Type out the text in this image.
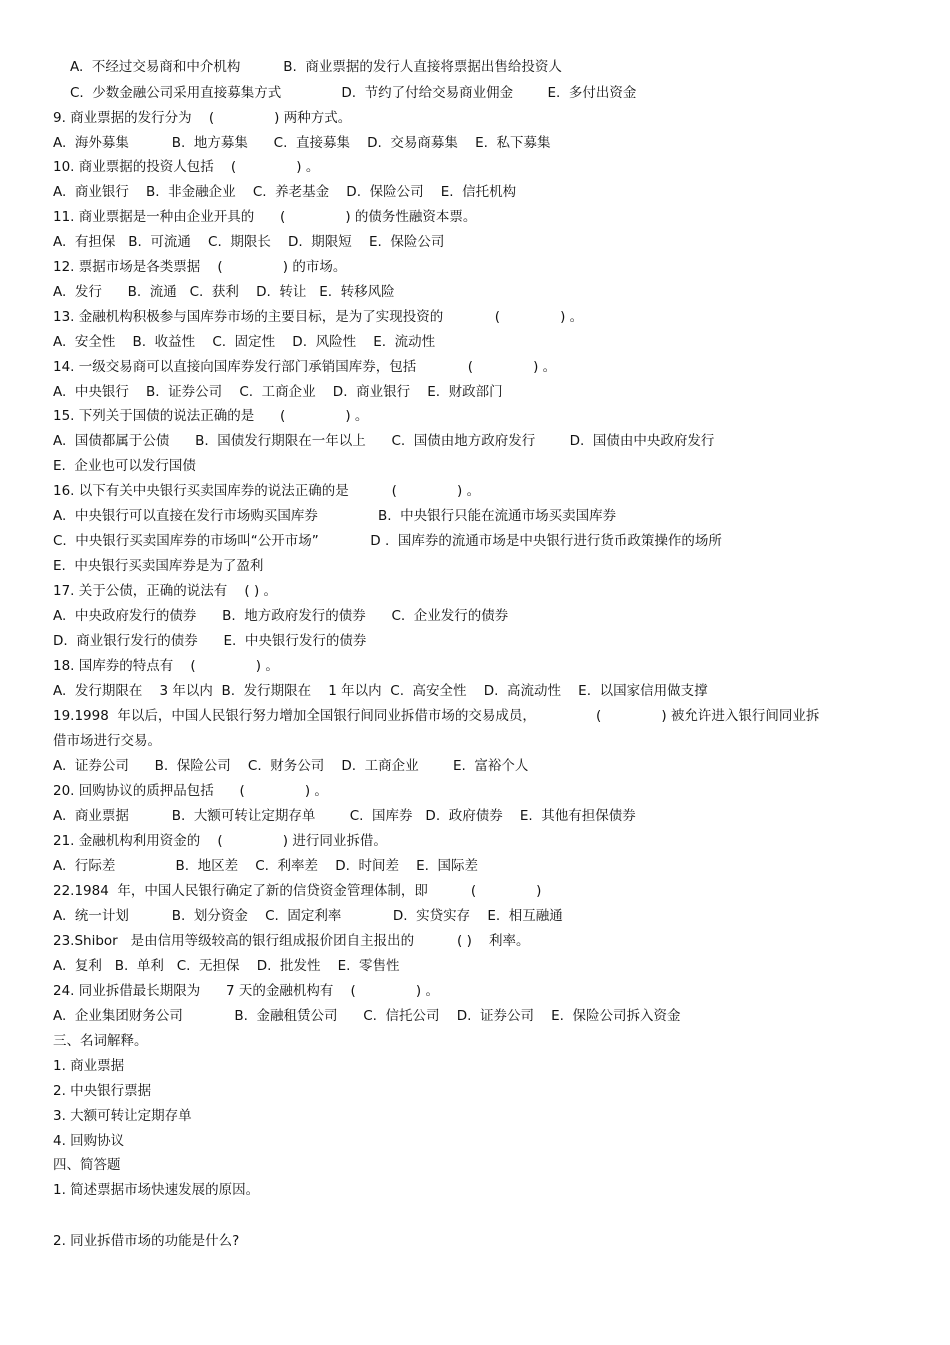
A.  不经过交易商和中介机构          B.  商业票据的发行人直接将票据出售给投资人
C.  少数金融公司采用直接募集方式              D.  节约了付给交易商业佣金        E.  多付出资金
9. 商业票据的发行分为    (              ) 两种方式。
A.  海外募集          B.  地方募集      C.  直接募集    D.  交易商募集    E.  私下募集
10. 商业票据的投资人包括    (              ) 。
A.  商业银行    B.  非金融企业    C.  养老基金    D.  保险公司    E.  信托机构
11. 商业票据是一种由企业开具的      (              ) 的债务性融资本票。
A.  有担保   B.  可流通    C.  期限长    D.  期限短    E.  保险公司
12. 票据市场是各类票据    (              ) 的市场。
A.  发行      B.  流通   C.  获利    D.  转让   E.  转移风险
13. 金融机构积极参与国库券市场的主要目标，是为了实现投资的            (              ) 。
A.  安全性    B.  收益性    C.  固定性    D.  风险性    E.  流动性
14. 一级交易商可以直接向国库券发行部门承销国库券，包括            (              ) 。
A.  中央银行    B.  证券公司    C.  工商企业    D.  商业银行    E.  财政部门
15. 下列关于国债的说法正确的是      (              ) 。
A.  国债都属于公债      B.  国债发行期限在一年以上      C.  国债由地方政府发行        D.  国债由中央政府发行
E.  企业也可以发行国债
16. 以下有关中央银行买卖国库券的说法正确的是          (              ) 。
A.  中央银行可以直接在发行市场购买国库券              B.  中央银行只能在流通市场买卖国库券
C.  中央银行买卖国库券的市场叫“公开市场”            D .  国库券的流通市场是中央银行进行货币政策操作的场所
E.  中央银行买卖国库券是为了盈利
17. 关于公债，正确的说法有    ( ) 。
A.  中央政府发行的债券      B.  地方政府发行的债券      C.  企业发行的债券
D.  商业银行发行的债券      E.  中央银行发行的债券
18. 国库券的特点有    (              ) 。
A.  发行期限在    3 年以内  B.  发行期限在    1 年以内  C.  高安全性    D.  高流动性    E.  以国家信用做支撑
19.1998  年以后，中国人民银行努力增加全国银行间同业拆借市场的交易成员，              (              ) 被允许进入银行间同业拆
借市场进行交易。
A.  证券公司      B.  保险公司    C.  财务公司    D.  工商企业        E.  富裕个人
20. 回购协议的质押品包括      (              ) 。
A.  商业票据          B.  大额可转让定期存单        C.  国库券   D.  政府债券    E.  其他有担保债券
21. 金融机构利用资金的    (              ) 进行同业拆借。
A.  行际差              B.  地区差    C.  利率差    D.  时间差    E.  国际差
22.1984  年，中国人民银行确定了新的信贷资金管理体制，即          (              )
A.  统一计划          B.  划分资金    C.  固定利率            D.  实贷实存    E.  相互融通
23.Shibor   是由信用等级较高的银行组成报价团自主报出的          ( )    利率。
A.  复利   B.  单利   C.  无担保    D.  批发性    E.  零售性
24. 同业拆借最长期限为      7 天的金融机构有    (              ) 。
A.  企业集团财务公司            B.  金融租赁公司      C.  信托公司    D.  证券公司    E.  保险公司拆入资金
三、名词解释。
1. 商业票据
2. 中央银行票据
3. 大额可转让定期存单
4. 回购协议
四、简答题
1. 简述票据市场快速发展的原因。
2. 同业拆借市场的功能是什么?
